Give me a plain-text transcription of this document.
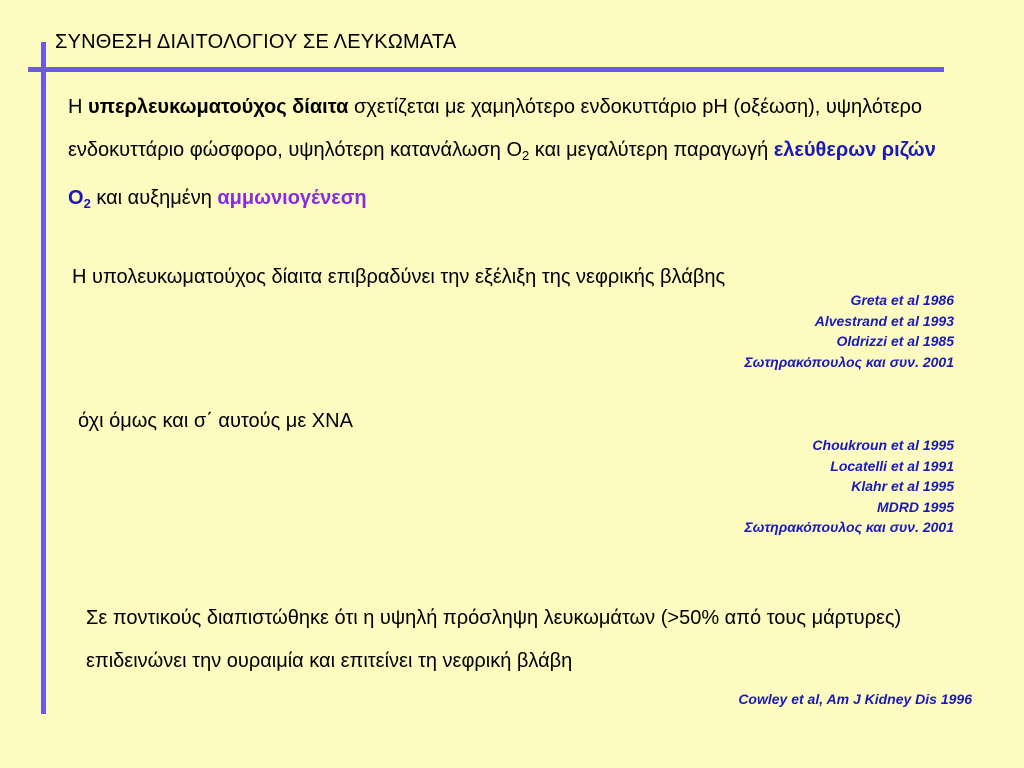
ΣΥΝΘΕΣΗ ΔΙΑΙΤΟΛΟΓΙΟΥ ΣΕ ΛΕΥΚΩΜΑΤΑ
Η υπερλευκωματούχος δίαιτα σχετίζεται με χαμηλότερο ενδοκυττάριο pH (οξέωση), υψηλότερο ενδοκυττάριο φώσφορο, υψηλότερη κατανάλωση $O_2$ και μεγαλύτερη παραγωγή ελεύθερων ριζών $O_2$ και αυξημένη αμμωνιογένεση
Η υπολευκωματούχος δίαιτα επιβραδύνει την εξέλιξη της νεφρικής βλάβης
Greta et al 1986
Alvestrand et al 1993
Oldrizzi et al 1985
Σωτηρακόπουλος και συν. 2001
όχι όμως και σ΄ αυτούς με ΧΝΑ
Choukroun et al 1995
Locatelli et al 1991
Klahr et al 1995
MDRD 1995
Σωτηρακόπουλος και συν. 2001
Σε ποντικούς διαπιστώθηκε ότι η υψηλή πρόσληψη λευκωμάτων (>50% από τους μάρτυρες) επιδεινώνει την ουραιμία και επιτείνει τη νεφρική βλάβη
Cowley et al, Am J Kidney Dis 1996
